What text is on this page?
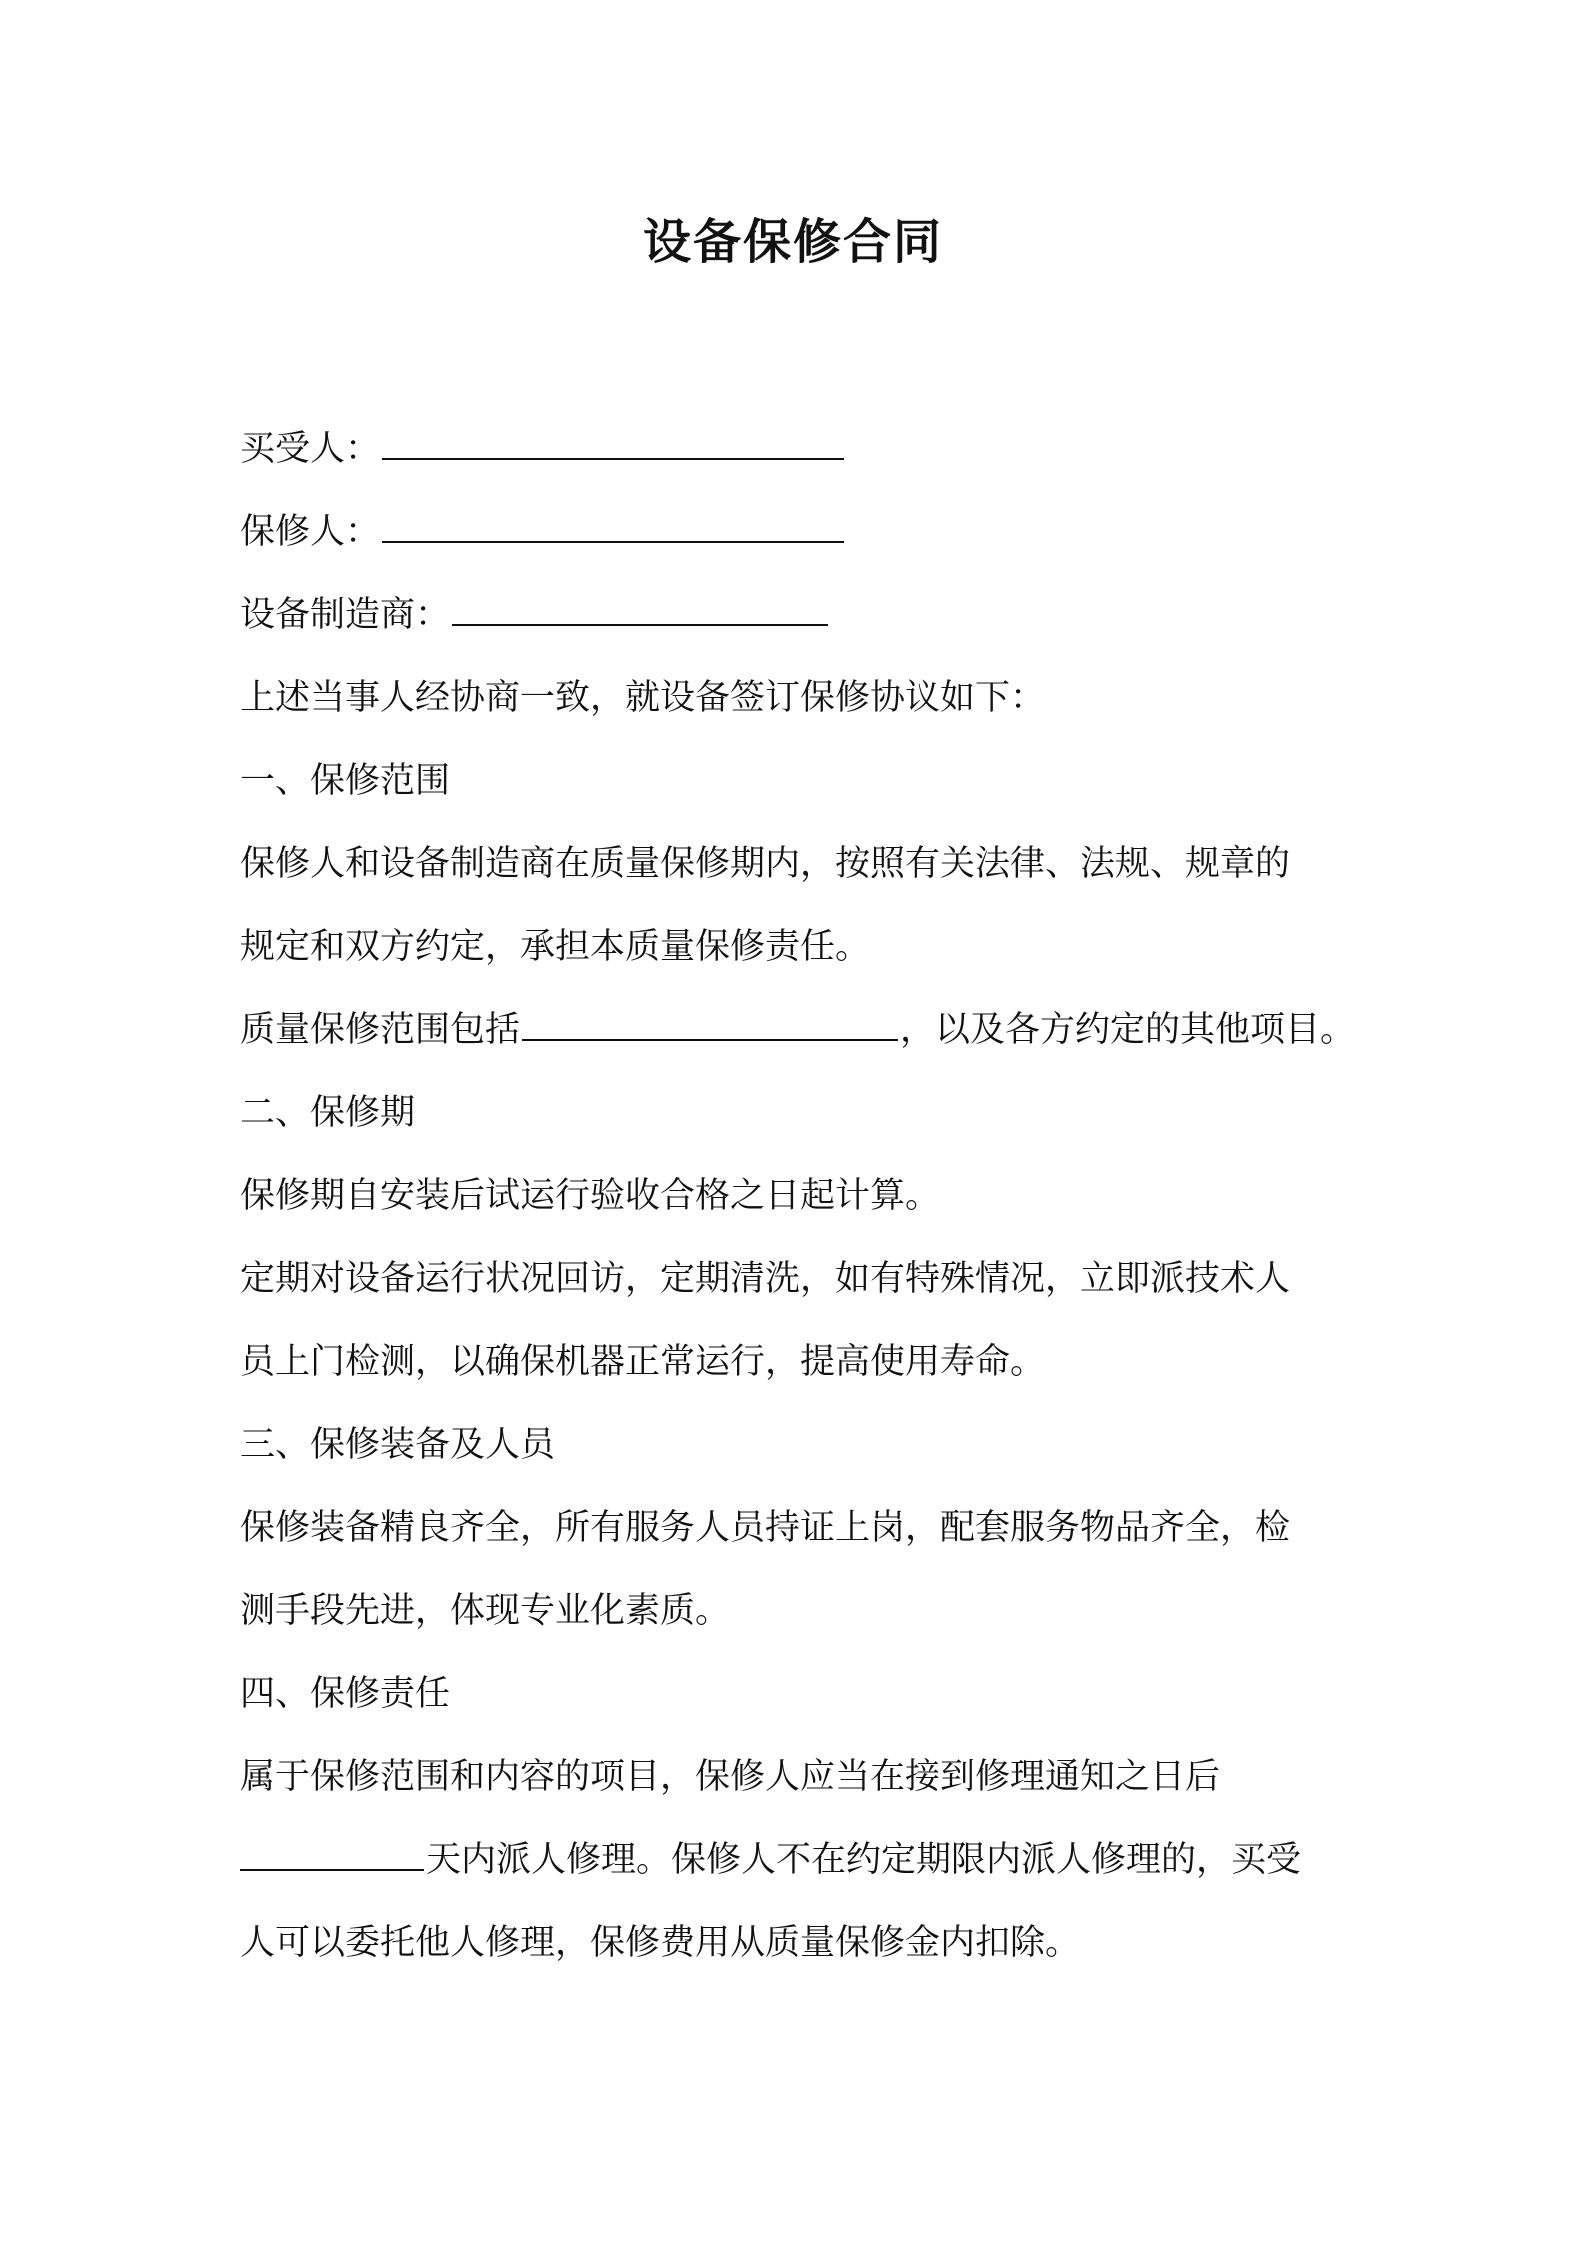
设备保修合同
买受人：
保修人：
设备制造商：
上述当事人经协商一致，就设备签订保修协议如下：
一、保修范围
保修人和设备制造商在质量保修期内，按照有关法律、法规、规章的
规定和双方约定，承担本质量保修责任。
质量保修范围包括	，以及各方约定的其他项目。
二、保修期
保修期自安装后试运行验收合格之日起计算。
定期对设备运行状况回访，定期清洗，如有特殊情况，立即派技术人
员上门检测，以确保机器正常运行，提高使用寿命。
三、保修装备及人员
保修装备精良齐全，所有服务人员持证上岗，配套服务物品齐全，检
测手段先进，体现专业化素质。
四、保修责任
属于保修范围和内容的项目，保修人应当在接到修理通知之日后
天内派人修理。保修人不在约定期限内派人修理的，买受
人可以委托他人修理，保修费用从质量保修金内扣除。
